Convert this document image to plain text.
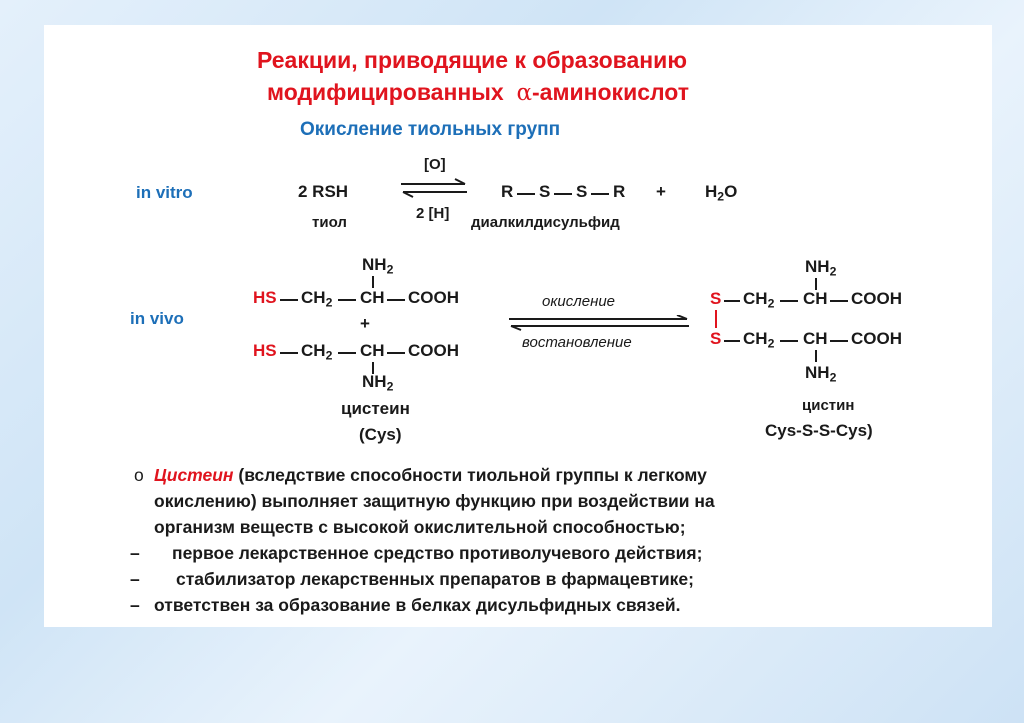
Реакции, приводящие к образованию
модифицированных α-аминокислот
Окисление тиольных групп
in vitro	2 RSH
тиол
[O]
2 [H]
R S S $R + H_2O$
диалкилдисульфид
in vivo
$NH_2$
HS $CH_2$ CH COOH
+
HS $CH_2$ CH COOH
$NH_2$
цистеин
(Cys)
окисление
востановление
$NH_2$
S $CH_2$ CH COOH
S $CH_2$ CH COOH
$NH_2$
цистин
Cys-S-S-Cys)
o Цистеин (вследствие способности тиольной группы к легкому
окислению) выполняет защитную функцию при воздействии на
организм веществ с высокой окислительной способностью;
– первое лекарственное средство противолучевого действия;
– стабилизатор лекарственных препаратов в фармацевтике;
– ответствен за образование в белках дисульфидных связей.
